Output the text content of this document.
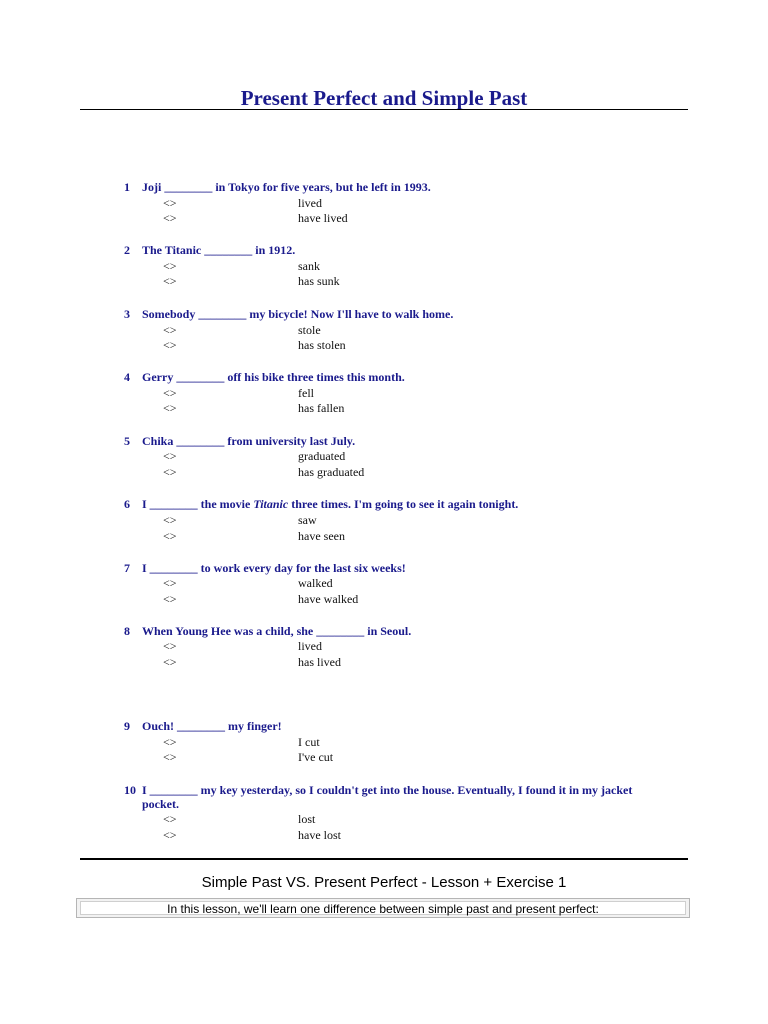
Present Perfect and Simple Past
1 Joji ________ in Tokyo for five years, but he left in 1993.
<>	lived
<>	have lived
2 The Titanic ________ in 1912.
<>	sank
<>	has sunk
3 Somebody ________ my bicycle! Now I'll have to walk home.
<>	stole
<>	has stolen
4 Gerry ________ off his bike three times this month.
<>	fell
<>	has fallen
5 Chika ________ from university last July.
<>	graduated
<>	has graduated
6 I ________ the movie Titanic three times. I'm going to see it again tonight.
<>	saw
<>	have seen
7 I ________ to work every day for the last six weeks!
<>	walked
<>	have walked
8 When Young Hee was a child, she ________ in Seoul.
<>	lived
<>	has lived
9 Ouch! ________ my finger!
<>	I cut
<>	I've cut
10 I ________ my key yesterday, so I couldn't get into the house. Eventually, I found it in my jacket pocket.
<>	lost
<>	have lost
Simple Past VS. Present Perfect - Lesson + Exercise 1
In this lesson, we'll learn one difference between simple past and present perfect:
